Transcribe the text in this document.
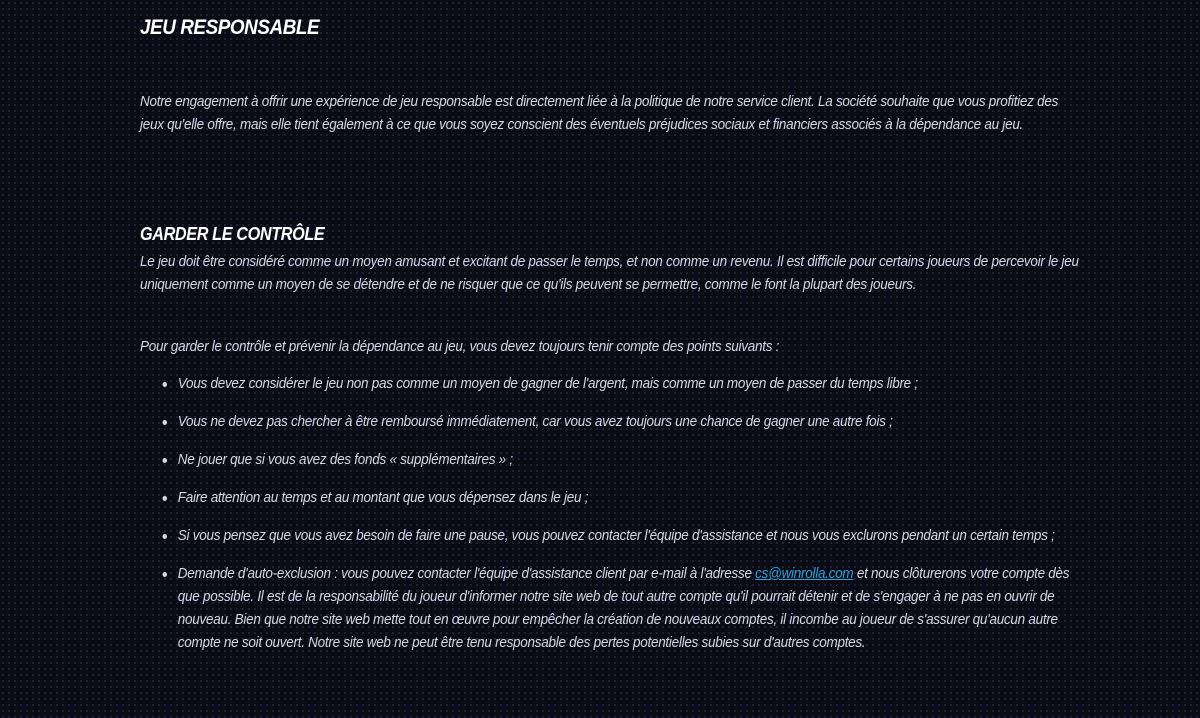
JEU RESPONSABLE

Notre engagement à offrir une expérience de jeu responsable est directement liée à la politique de notre service client. La société souhaite que vous profitiez des jeux qu'elle offre, mais elle tient également à ce que vous soyez conscient des éventuels préjudices sociaux et financiers associés à la dépendance au jeu.

GARDER LE CONTRÔLE

Le jeu doit être considéré comme un moyen amusant et excitant de passer le temps, et non comme un revenu. Il est difficile pour certains joueurs de percevoir le jeu uniquement comme un moyen de se détendre et de ne risquer que ce qu'ils peuvent se permettre, comme le font la plupart des joueurs.

Pour garder le contrôle et prévenir la dépendance au jeu, vous devez toujours tenir compte des points suivants :

Vous devez considérer le jeu non pas comme un moyen de gagner de l'argent, mais comme un moyen de passer du temps libre ;
Vous ne devez pas chercher à être remboursé immédiatement, car vous avez toujours une chance de gagner une autre fois ;
Ne jouer que si vous avez des fonds « supplémentaires » ;
Faire attention au temps et au montant que vous dépensez dans le jeu ;
Si vous pensez que vous avez besoin de faire une pause, vous pouvez contacter l'équipe d'assistance et nous vous exclurons pendant un certain temps ;
Demande d'auto-exclusion : vous pouvez contacter l'équipe d'assistance client par e-mail à l'adresse cs@winrolla.com et nous clôturerons votre compte dès que possible. Il est de la responsabilité du joueur d'informer notre site web de tout autre compte qu'il pourrait détenir et de s'engager à ne pas en ouvrir de nouveau. Bien que notre site web mette tout en œuvre pour empêcher la création de nouveaux comptes, il incombe au joueur de s'assurer qu'aucun autre compte ne soit ouvert. Notre site web ne peut être tenu responsable des pertes potentielles subies sur d'autres comptes.
